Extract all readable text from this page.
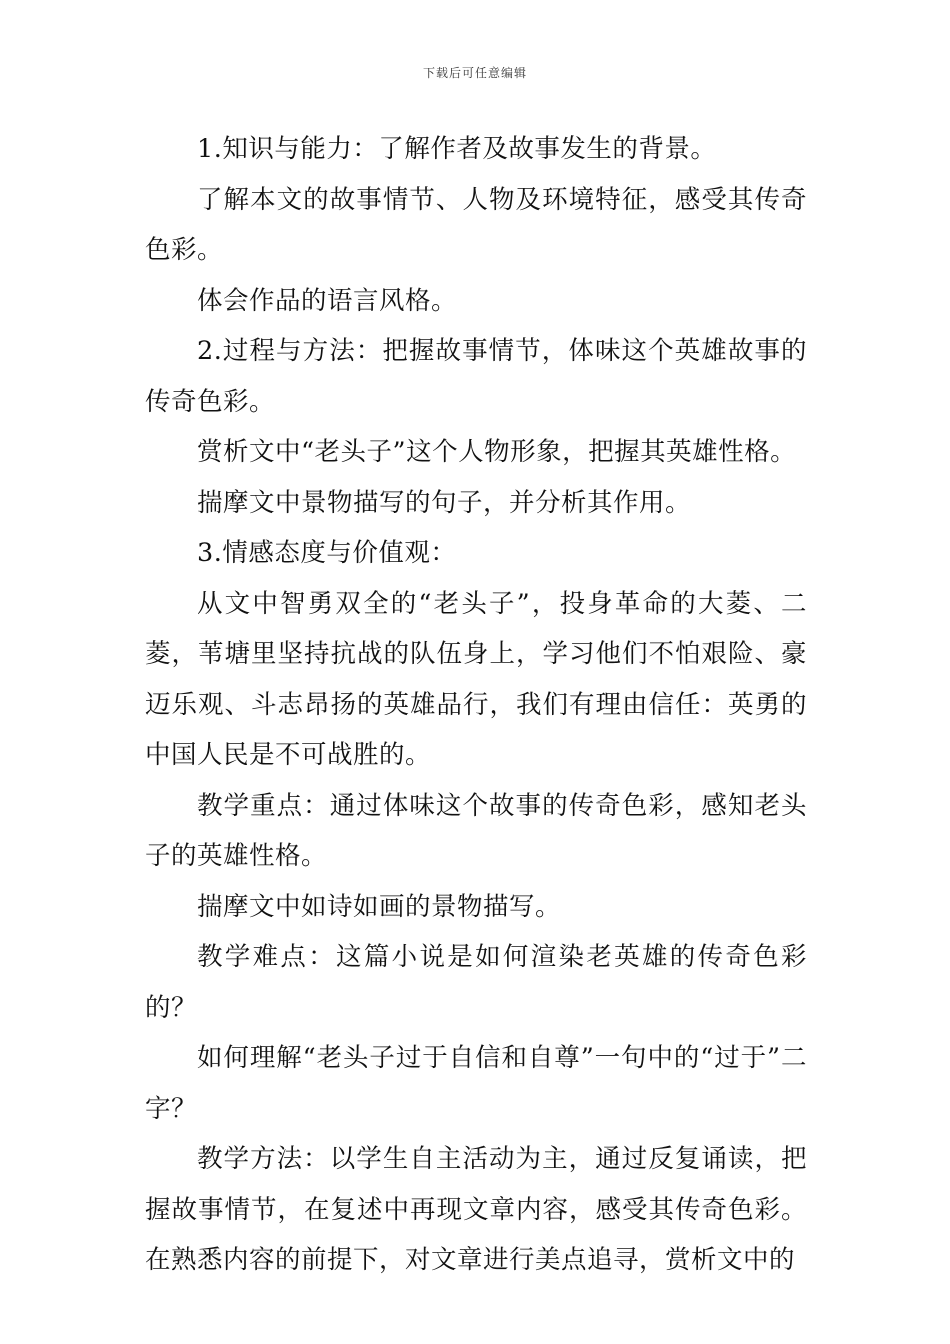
下载后可任意编辑

1.知识与能力：了解作者及故事发生的背景。

了解本文的故事情节、人物及环境特征，感受其传奇色彩。

体会作品的语言风格。

2.过程与方法：把握故事情节，体味这个英雄故事的传奇色彩。

赏析文中“老头子”这个人物形象，把握其英雄性格。

揣摩文中景物描写的句子，并分析其作用。

3.情感态度与价值观：

从文中智勇双全的“老头子”，投身革命的大菱、二菱，苇塘里坚持抗战的队伍身上，学习他们不怕艰险、豪迈乐观、斗志昂扬的英雄品行，我们有理由信任：英勇的中国人民是不可战胜的。

教学重点：通过体味这个故事的传奇色彩，感知老头子的英雄性格。

揣摩文中如诗如画的景物描写。

教学难点：这篇小说是如何渲染老英雄的传奇色彩的？

如何理解“老头子过于自信和自尊”一句中的“过于”二字？

教学方法：以学生自主活动为主，通过反复诵读，把握故事情节，在复述中再现文章内容，感受其传奇色彩。在熟悉内容的前提下，对文章进行美点追寻，赏析文中的
